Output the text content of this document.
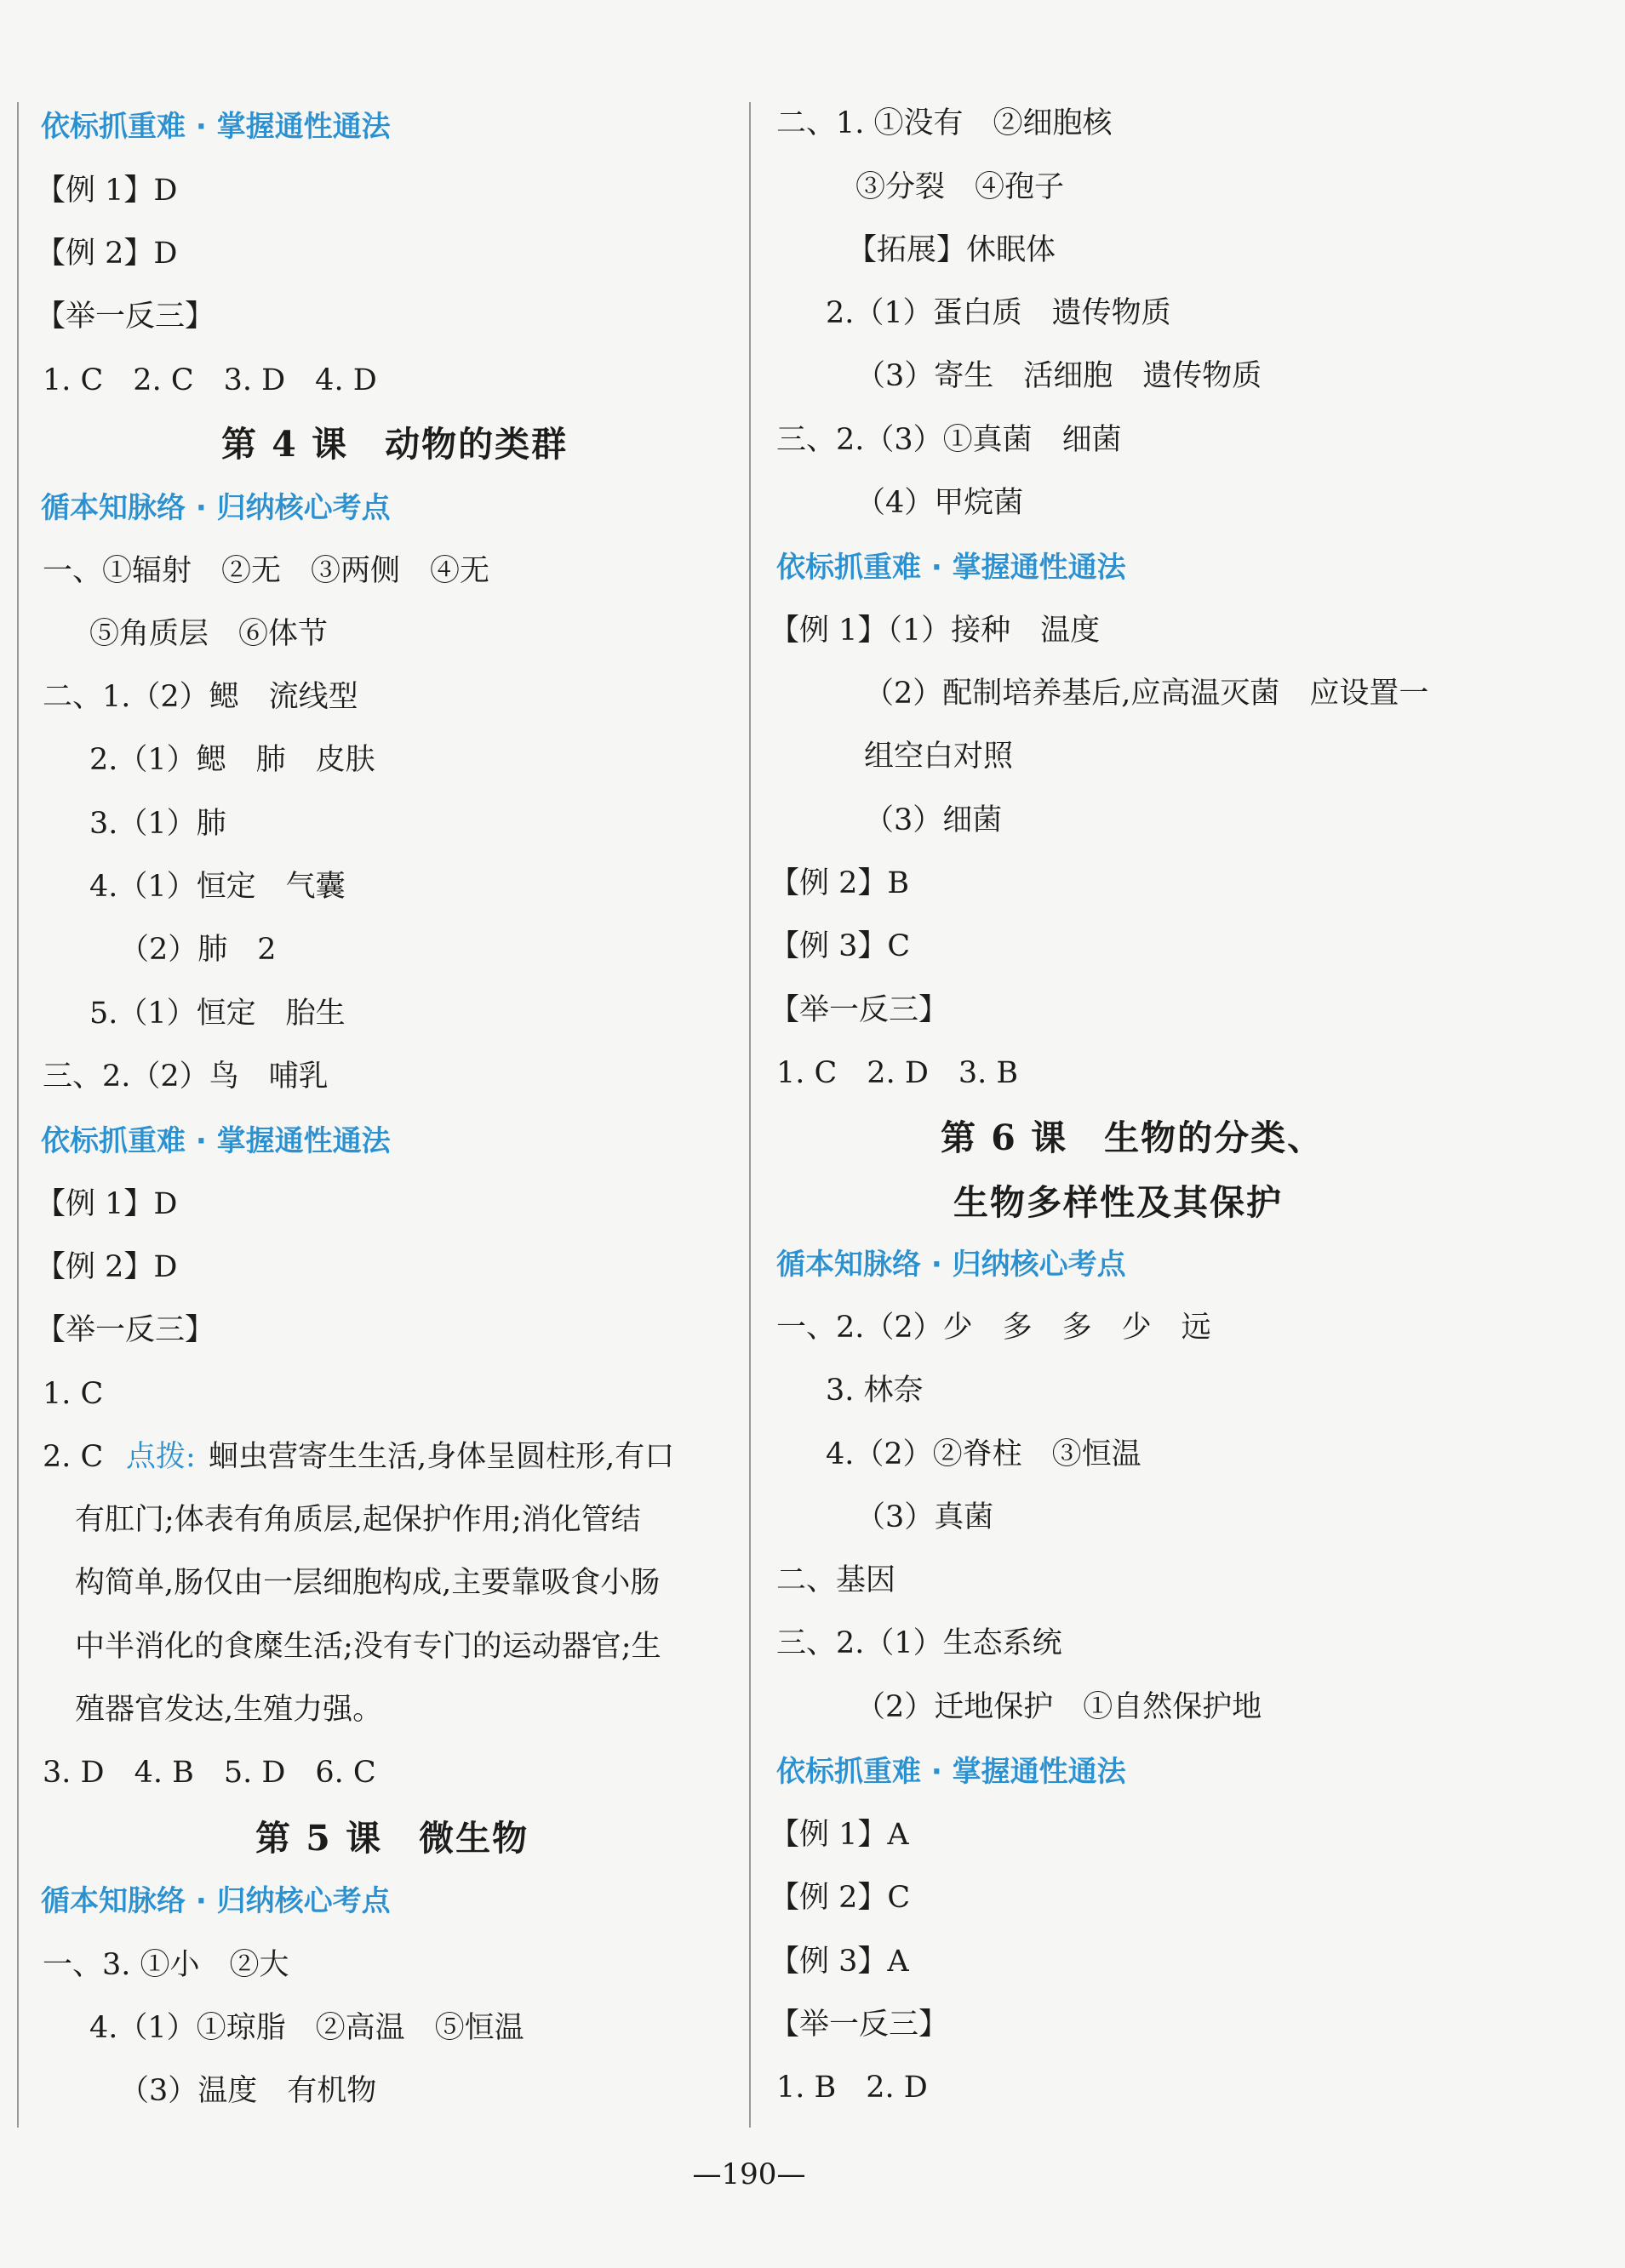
依标抓重难 · 掌握通性通法
【例 1】D
【例 2】D
【举一反三】
1. C　2. C　3. D　4. D
第 4 课　动物的类群
循本知脉络 · 归纳核心考点
一、①辐射　②无　③两侧　④无
⑤角质层　⑥体节
二、1.（2）鳃　流线型
2.（1）鳃　肺　皮肤
3.（1）肺
4.（1）恒定　气囊
（2）肺　2
5.（1）恒定　胎生
三、2.（2）鸟　哺乳
依标抓重难 · 掌握通性通法
【例 1】D
【例 2】D
【举一反三】
1. C
2. C 点拨: 蛔虫营寄生生活,身体呈圆柱形,有口
有肛门;体表有角质层,起保护作用;消化管结
构简单,肠仅由一层细胞构成,主要靠吸食小肠
中半消化的食糜生活;没有专门的运动器官;生
殖器官发达,生殖力强。
3. D　4. B　5. D　6. C
第 5 课　微生物
循本知脉络 · 归纳核心考点
一、3. ①小　②大
4.（1）①琼脂　②高温　⑤恒温
（3）温度　有机物
二、1. ①没有　②细胞核
③分裂　④孢子
【拓展】休眠体
2.（1）蛋白质　遗传物质
（3）寄生　活细胞　遗传物质
三、2.（3）①真菌　细菌
（4）甲烷菌
依标抓重难 · 掌握通性通法
【例 1】（1）接种　温度
（2）配制培养基后,应高温灭菌　应设置一
组空白对照
（3）细菌
【例 2】B
【例 3】C
【举一反三】
1. C　2. D　3. B
第 6 课　生物的分类、
生物多样性及其保护
循本知脉络 · 归纳核心考点
一、2.（2）少　多　多　少　远
3. 林奈
4.（2）②脊柱　③恒温
（3）真菌
二、基因
三、2.（1）生态系统
（2）迁地保护　①自然保护地
依标抓重难 · 掌握通性通法
【例 1】A
【例 2】C
【例 3】A
【举一反三】
1. B　2. D
—190—
